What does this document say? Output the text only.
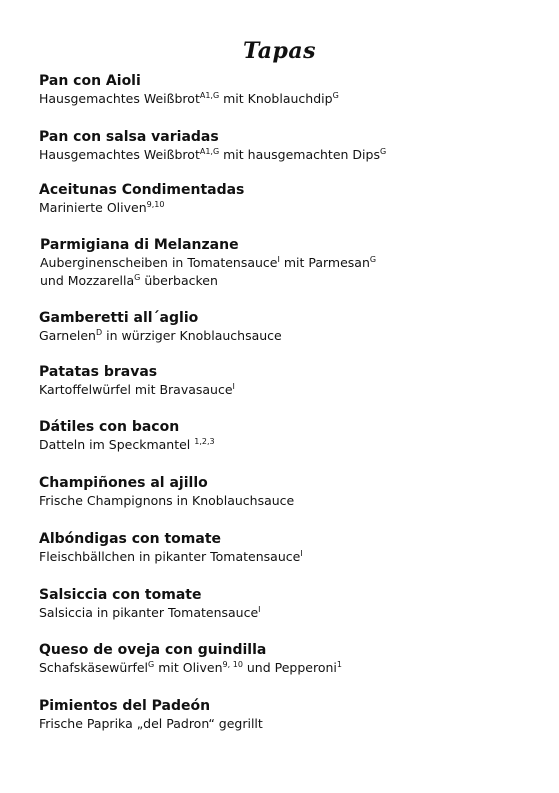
Tapas
Pan con Aioli
Hausgemachtes Weißbrot$^{A1,G}$ mit Knoblauchdip$^G$
Pan con salsa variadas
Hausgemachtes Weißbrot$^{A1,G}$ mit hausgemachten Dips$^G$
Aceitunas Condimentadas
Marinierte Oliven$^{9,10}$
Parmigiana di Melanzane
Auberginenscheiben in Tomatensauce$^I$ mit Parmesan$^G$
und Mozzarella$^G$ überbacken
Gamberetti all´aglio
Garnelen$^D$ in würziger Knoblauchsauce
Patatas bravas
Kartoffelwürfel mit Bravasauce$^I$
Dátiles con bacon
Datteln im Speckmantel $^{1,2,3}$
Champiñones al ajillo
Frische Champignons in Knoblauchsauce
Albóndigas con tomate
Fleischbällchen in pikanter Tomatensauce$^I$
Salsiccia con tomate
Salsiccia in pikanter Tomatensauce$^I$
Queso de oveja con guindilla
Schafskäsewürfel$^G$ mit Oliven$^{9, 10}$ und Pepperoni$^1$
Pimientos del Padeón
Frische Paprika „del Padron“ gegrillt
